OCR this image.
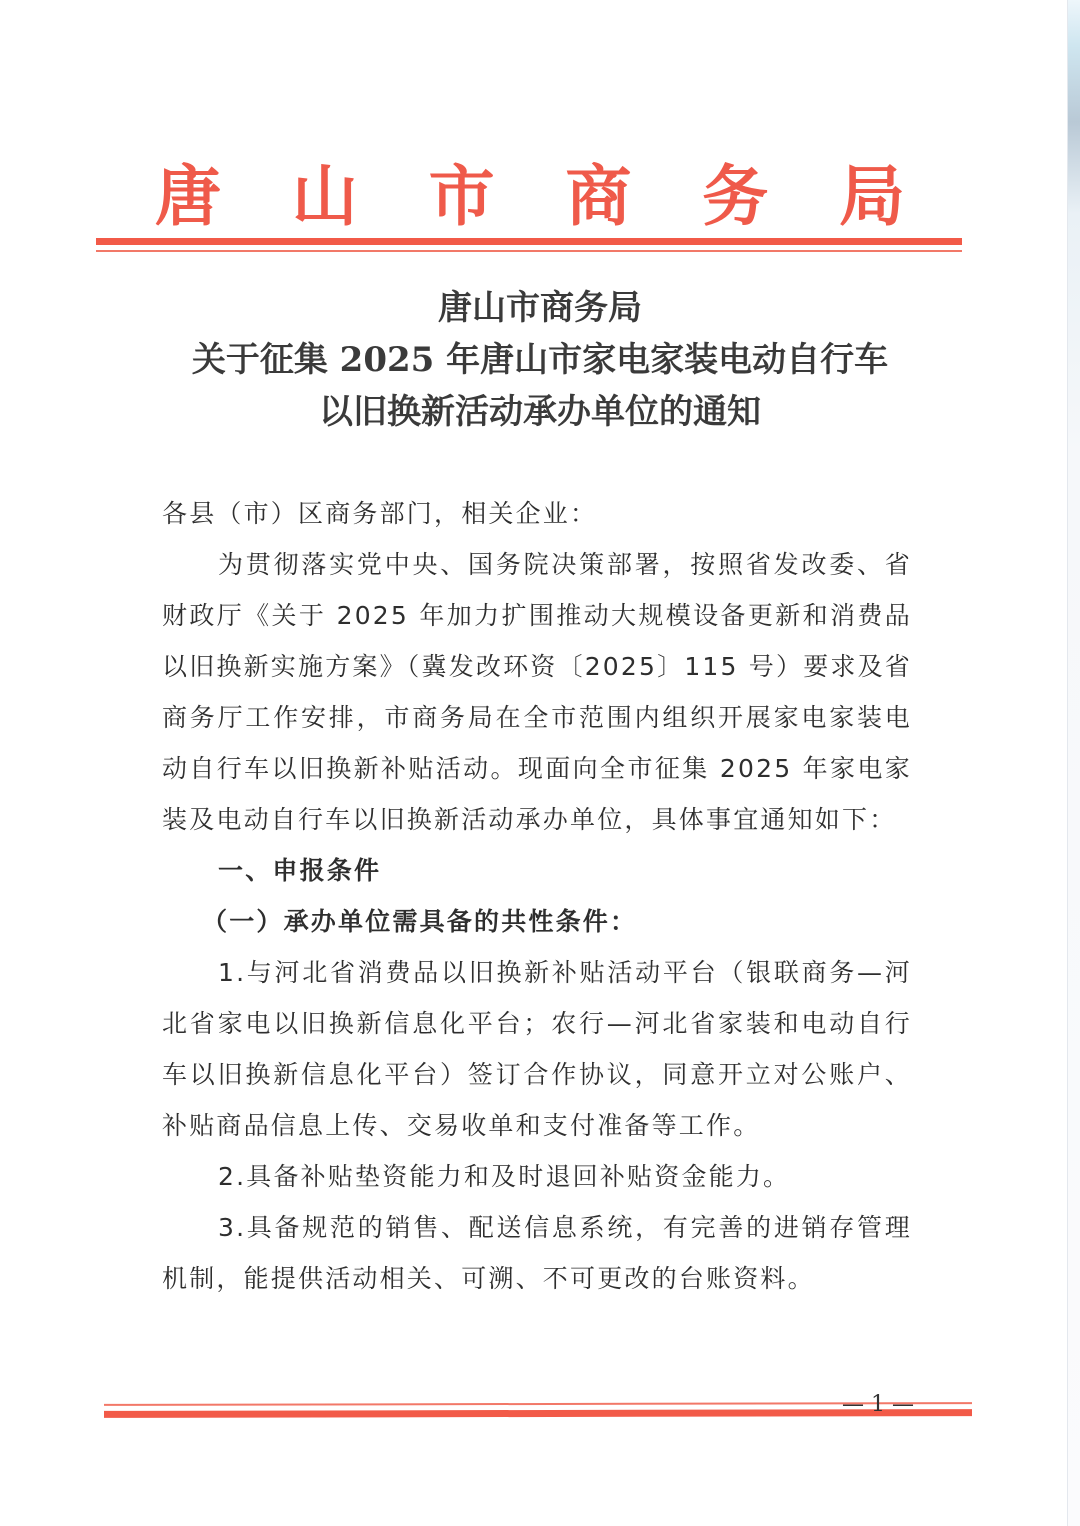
唐 山 市 商 务 局
唐山市商务局
关于征集 2025 年唐山市家电家装电动自行车
以旧换新活动承办单位的通知

各县（市）区商务部门，相关企业：

为贯彻落实党中央、国务院决策部署，按照省发改委、省财政厅《关于 2025 年加力扩围推动大规模设备更新和消费品以旧换新实施方案》（冀发改环资〔2025〕115 号）要求及省商务厅工作安排，市商务局在全市范围内组织开展家电家装电动自行车以旧换新补贴活动。现面向全市征集 2025 年家电家装及电动自行车以旧换新活动承办单位，具体事宜通知如下：

一、申报条件

（一）承办单位需具备的共性条件：

1.与河北省消费品以旧换新补贴活动平台（银联商务—河北省家电以旧换新信息化平台；农行—河北省家装和电动自行车以旧换新信息化平台）签订合作协议，同意开立对公账户、补贴商品信息上传、交易收单和支付准备等工作。

2.具备补贴垫资能力和及时退回补贴资金能力。

3.具备规范的销售、配送信息系统，有完善的进销存管理机制，能提供活动相关、可溯、不可更改的台账资料。

— 1 —
